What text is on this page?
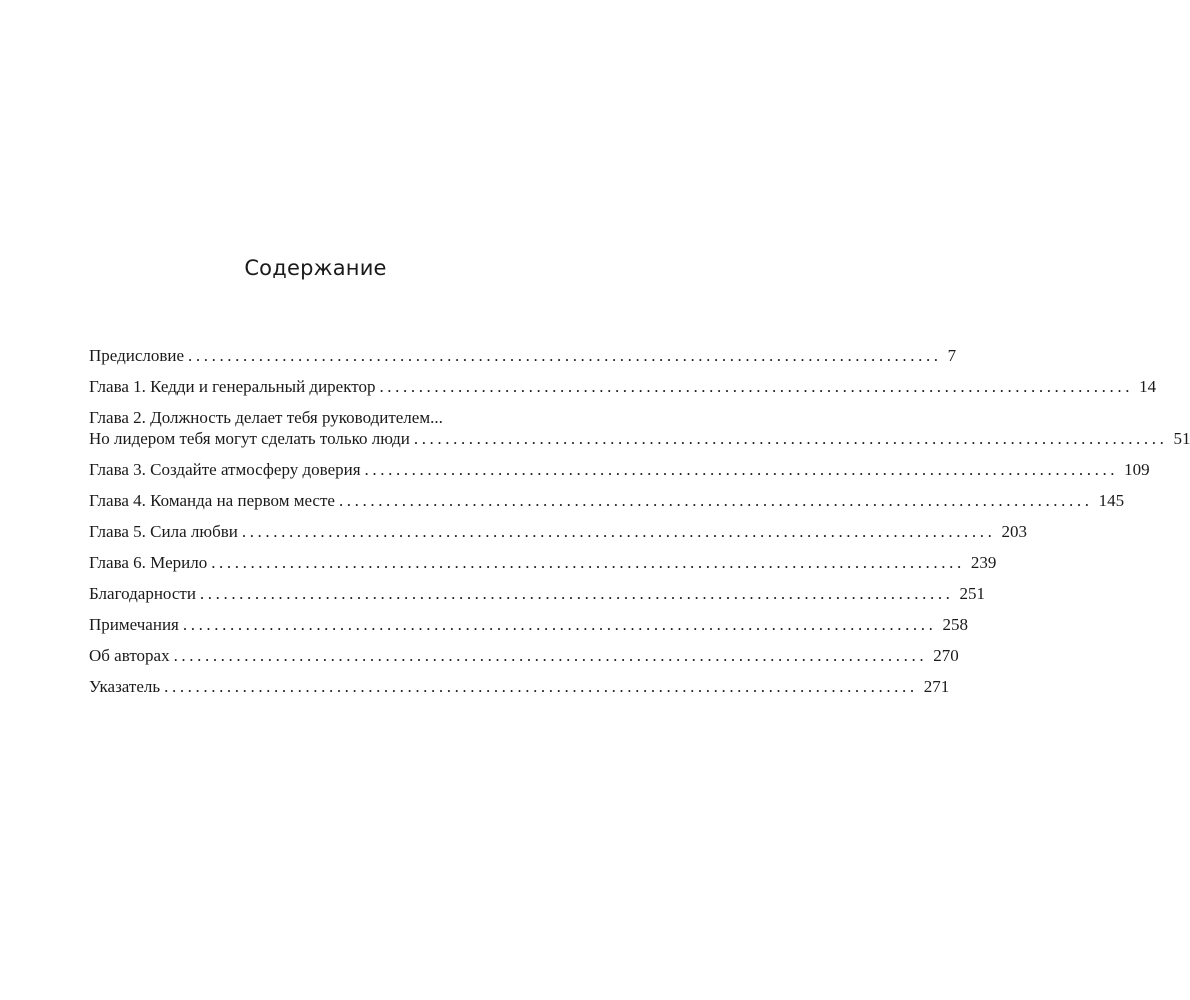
Содержание
Предисловие ................................................................................................ 7
Глава 1. Кедди и генеральный директор ................................................................................................ 14
Глава 2. Должность делает тебя руководителем...
Но лидером тебя могут сделать только люди ................................................................................................ 51
Глава 3. Создайте атмосферу доверия ................................................................................................ 109
Глава 4. Команда на первом месте ................................................................................................ 145
Глава 5. Сила любви ................................................................................................ 203
Глава 6. Мерило ................................................................................................ 239
Благодарности ................................................................................................ 251
Примечания ................................................................................................ 258
Об авторах ................................................................................................ 270
Указатель ................................................................................................ 271
